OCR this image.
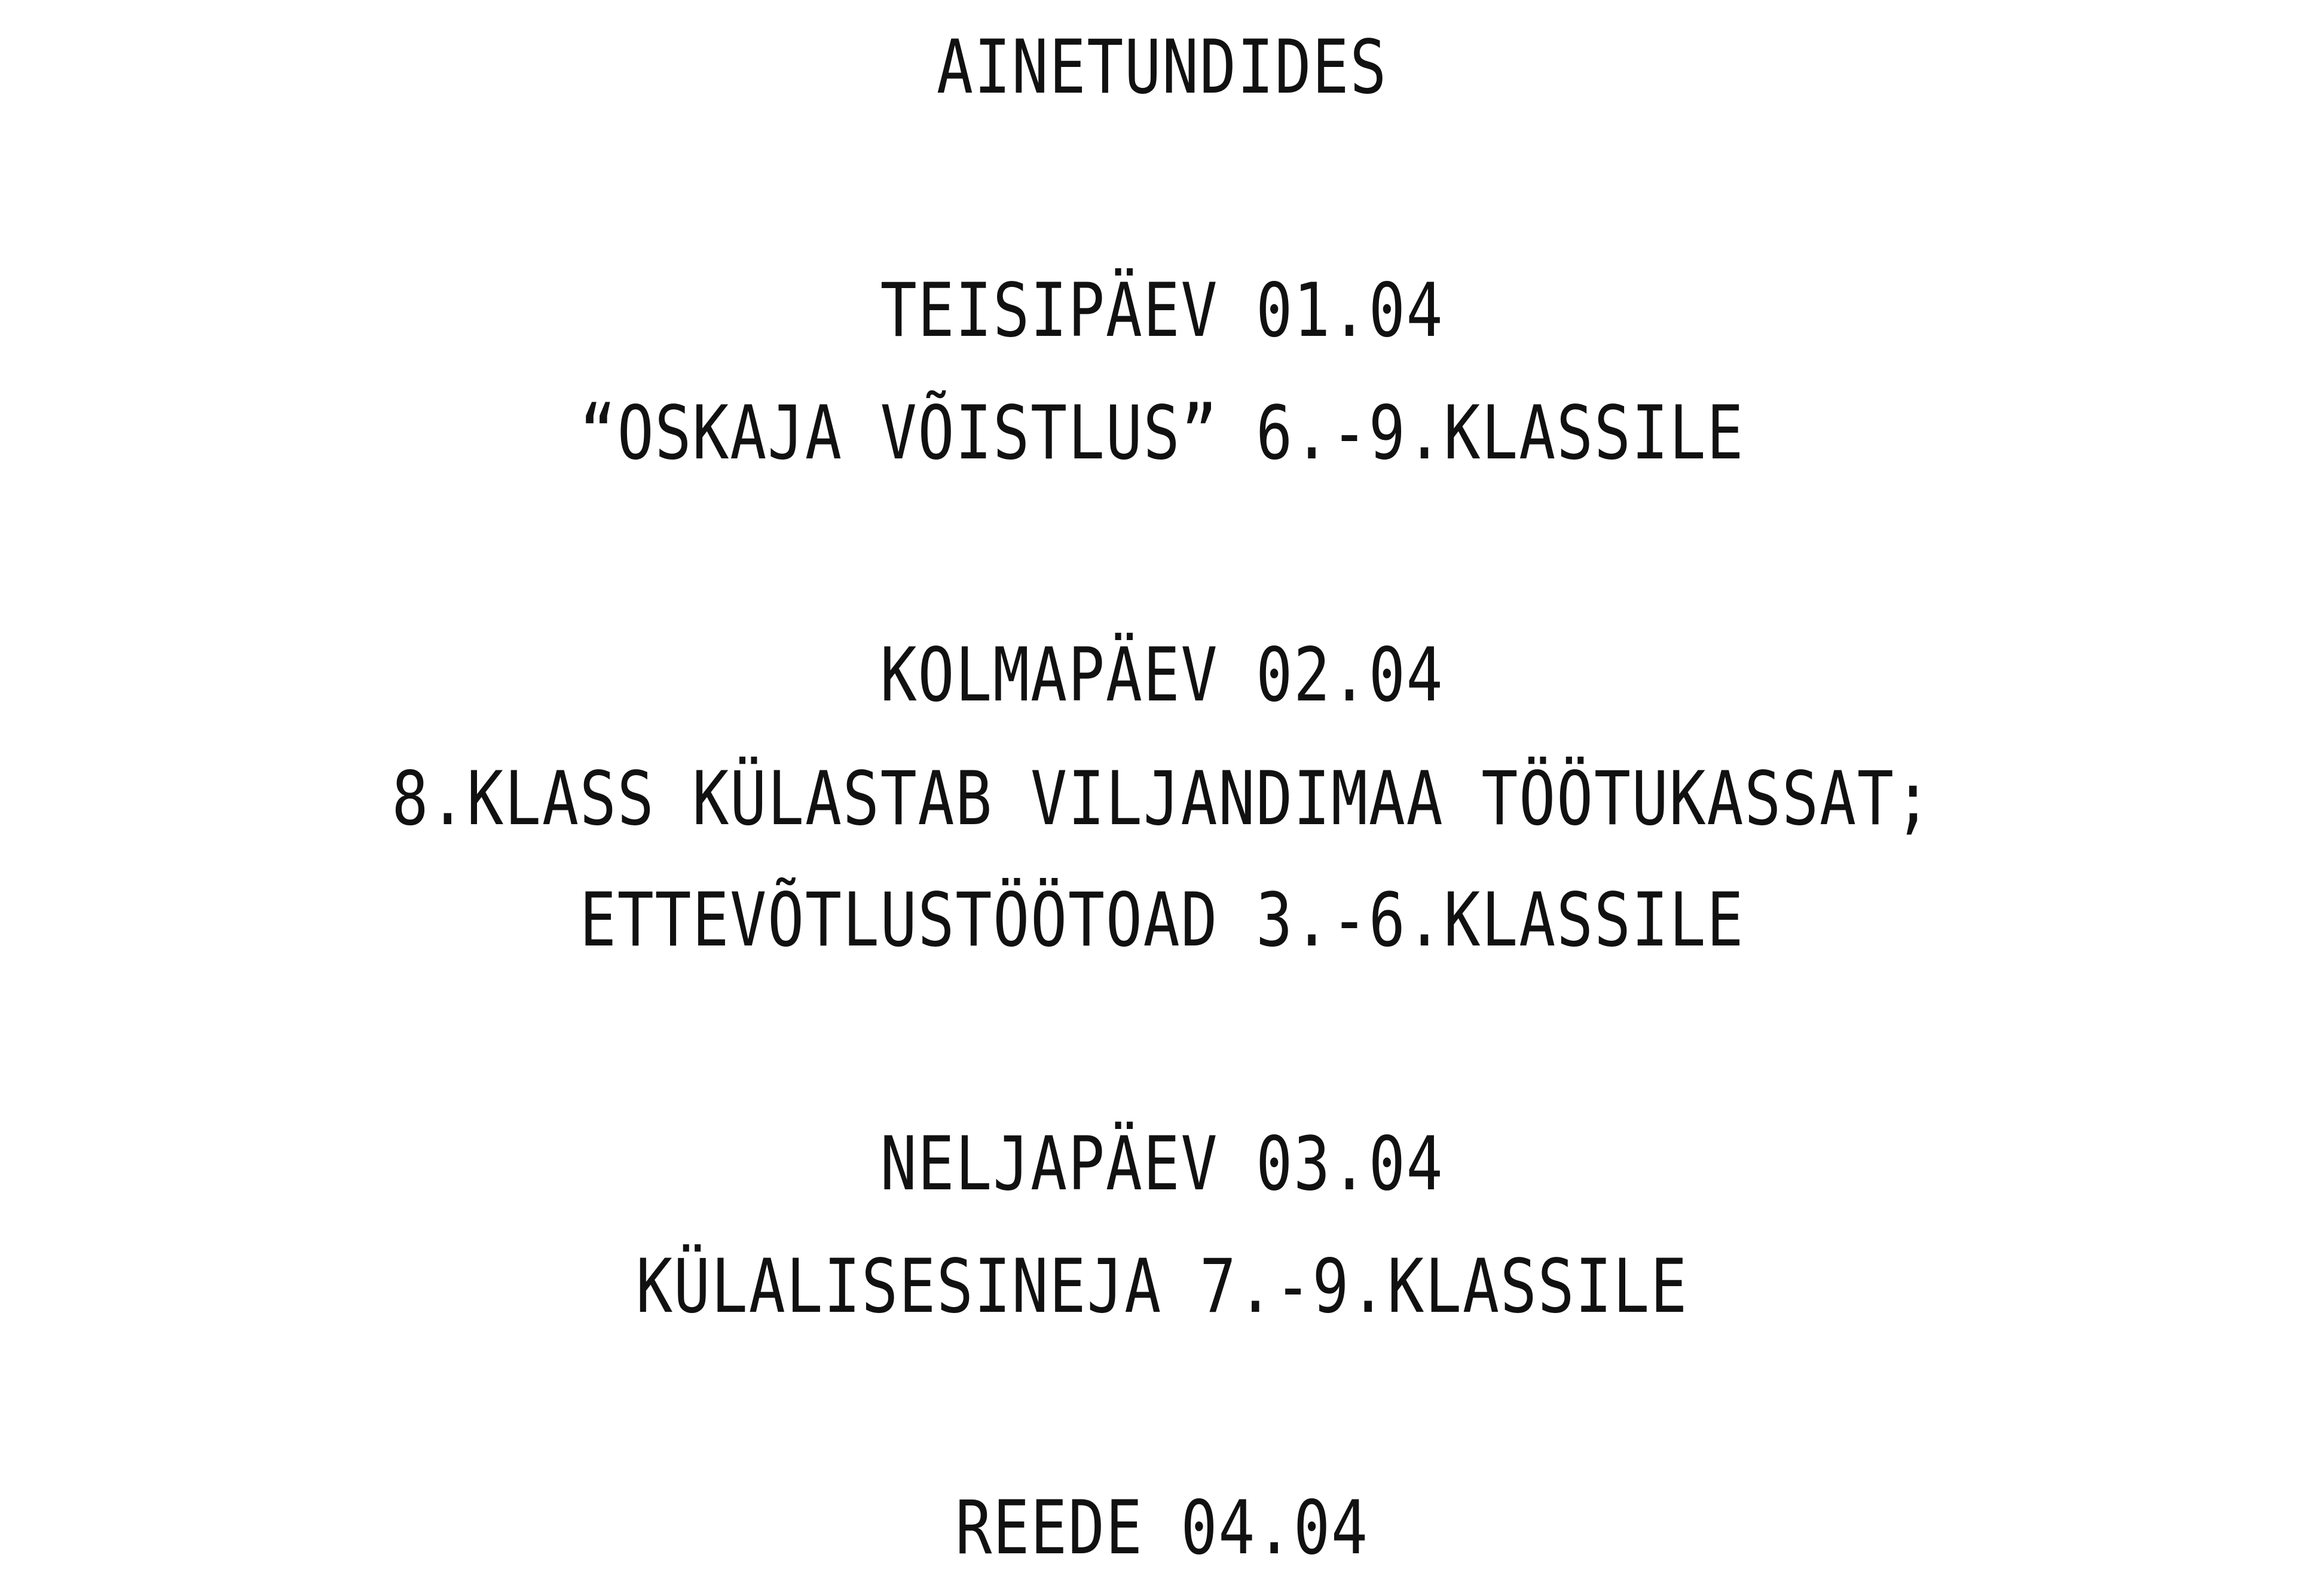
AINETUNDIDES
TEISIPÄEV 01.04
“OSKAJA VÕISTLUS” 6.-9.KLASSILE
KOLMAPÄEV 02.04
8.KLASS KÜLASTAB VILJANDIMAA TÖÖTUKASSAT;
ETTEVÕTLUSTÖÖTOAD 3.-6.KLASSILE
NELJAPÄEV 03.04
KÜLALISESINEJA 7.-9.KLASSILE
REEDE 04.04
